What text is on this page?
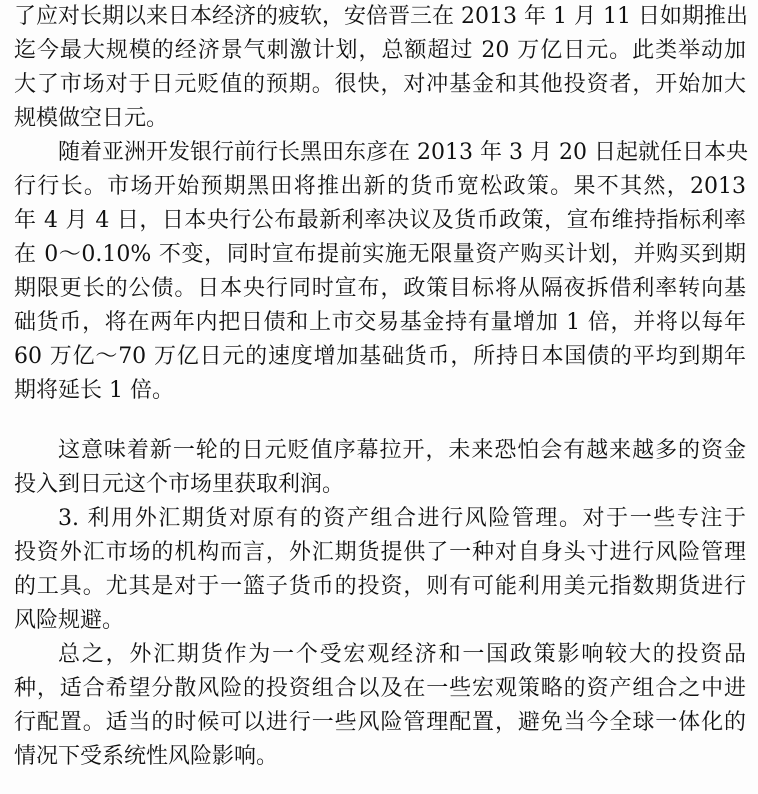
了应对长期以来日本经济的疲软，安倍晋三在 2013 年 1 月 11 日如期推出
迄今最大规模的经济景气刺激计划，总额超过 20 万亿日元。此类举动加
大了市场对于日元贬值的预期。很快，对冲基金和其他投资者，开始加大
规模做空日元。
随着亚洲开发银行前行长黑田东彦在 2013 年 3 月 20 日起就任日本央
行行长。市场开始预期黑田将推出新的货币宽松政策。果不其然，2013
年 4 月 4 日，日本央行公布最新利率决议及货币政策，宣布维持指标利率
在 0～0.10% 不变，同时宣布提前实施无限量资产购买计划，并购买到期
期限更长的公债。日本央行同时宣布，政策目标将从隔夜拆借利率转向基
础货币，将在两年内把日债和上市交易基金持有量增加 1 倍，并将以每年
60 万亿～70 万亿日元的速度增加基础货币，所持日本国债的平均到期年
期将延长 1 倍。
这意味着新一轮的日元贬值序幕拉开，未来恐怕会有越来越多的资金
投入到日元这个市场里获取利润。
3. 利用外汇期货对原有的资产组合进行风险管理。对于一些专注于
投资外汇市场的机构而言，外汇期货提供了一种对自身头寸进行风险管理
的工具。尤其是对于一篮子货币的投资，则有可能利用美元指数期货进行
风险规避。
总之，外汇期货作为一个受宏观经济和一国政策影响较大的投资品
种，适合希望分散风险的投资组合以及在一些宏观策略的资产组合之中进
行配置。适当的时候可以进行一些风险管理配置，避免当今全球一体化的
情况下受系统性风险影响。
